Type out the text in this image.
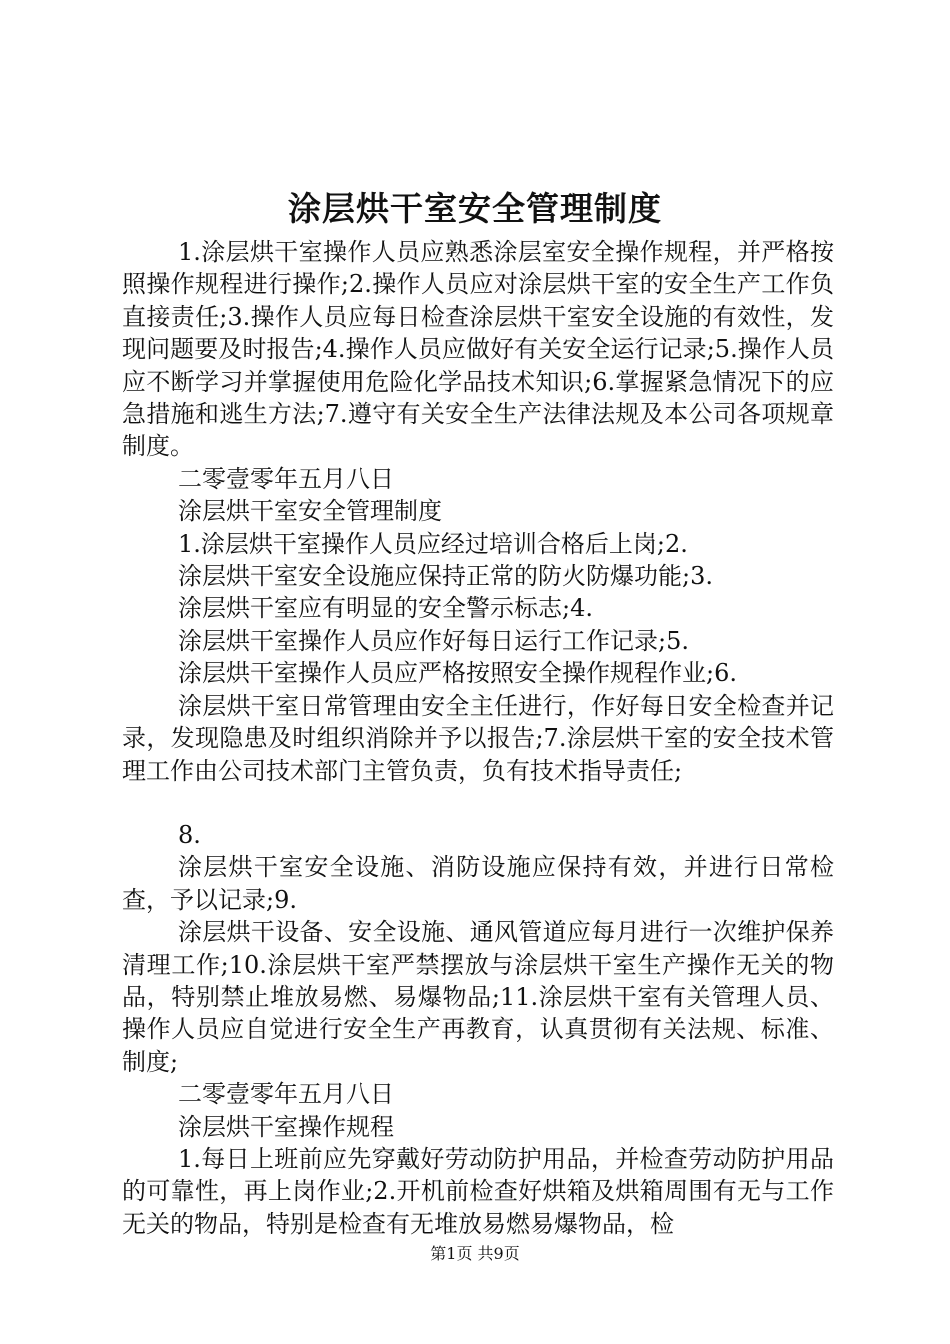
涂层烘干室安全管理制度

1.涂层烘干室操作人员应熟悉涂层室安全操作规程，并严格按照操作规程进行操作;2.操作人员应对涂层烘干室的安全生产工作负直接责任;3.操作人员应每日检查涂层烘干室安全设施的有效性，发现问题要及时报告;4.操作人员应做好有关安全运行记录;5.操作人员应不断学习并掌握使用危险化学品技术知识;6.掌握紧急情况下的应急措施和逃生方法;7.遵守有关安全生产法律法规及本公司各项规章制度。

二零壹零年五月八日

涂层烘干室安全管理制度

1.涂层烘干室操作人员应经过培训合格后上岗;2.

涂层烘干室安全设施应保持正常的防火防爆功能;3.

涂层烘干室应有明显的安全警示标志;4.

涂层烘干室操作人员应作好每日运行工作记录;5.

涂层烘干室操作人员应严格按照安全操作规程作业;6.

涂层烘干室日常管理由安全主任进行，作好每日安全检查并记录，发现隐患及时组织消除并予以报告;7.涂层烘干室的安全技术管理工作由公司技术部门主管负责，负有技术指导责任;

8.

涂层烘干室安全设施、消防设施应保持有效，并进行日常检查，予以记录;9.

涂层烘干设备、安全设施、通风管道应每月进行一次维护保养清理工作;10.涂层烘干室严禁摆放与涂层烘干室生产操作无关的物品，特别禁止堆放易燃、易爆物品;11.涂层烘干室有关管理人员、操作人员应自觉进行安全生产再教育，认真贯彻有关法规、标准、制度;

二零壹零年五月八日

涂层烘干室操作规程

1.每日上班前应先穿戴好劳动防护用品，并检查劳动防护用品的可靠性，再上岗作业;2.开机前检查好烘箱及烘箱周围有无与工作无关的物品，特别是检查有无堆放易燃易爆物品，检

第1页 共9页
